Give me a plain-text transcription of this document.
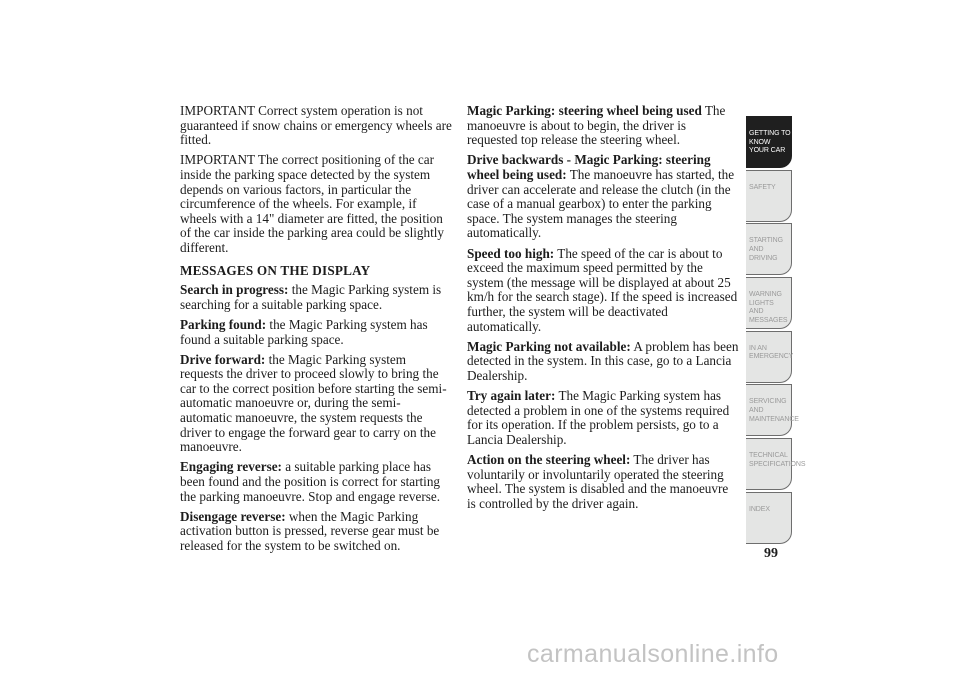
IMPORTANT Correct system operation is not guaranteed if snow chains or emergency wheels are fitted.

IMPORTANT The correct positioning of the car inside the parking space detected by the system depends on various factors, in particular the circumference of the wheels. For example, if wheels with a 14" diameter are fitted, the position of the car inside the parking area could be slightly different.

MESSAGES ON THE DISPLAY

Search in progress: the Magic Parking system is searching for a suitable parking space.

Parking found: the Magic Parking system has found a suitable parking space.

Drive forward: the Magic Parking system requests the driver to proceed slowly to bring the car to the correct position before starting the semi-automatic manoeuvre or, during the semi-automatic manoeuvre, the system requests the driver to engage the forward gear to carry on the manoeuvre.

Engaging reverse: a suitable parking place has been found and the position is correct for starting the parking manoeuvre. Stop and engage reverse.

Disengage reverse: when the Magic Parking activation button is pressed, reverse gear must be released for the system to be switched on.

Magic Parking: steering wheel being used The manoeuvre is about to begin, the driver is requested top release the steering wheel.

Drive backwards - Magic Parking: steering wheel being used: The manoeuvre has started, the driver can accelerate and release the clutch (in the case of a manual gearbox) to enter the parking space. The system manages the steering automatically.

Speed too high: The speed of the car is about to exceed the maximum speed permitted by the system (the message will be displayed at about 25 km/h for the search stage). If the speed is increased further, the system will be deactivated automatically.

Magic Parking not available: A problem has been detected in the system. In this case, go to a Lancia Dealership.

Try again later: The Magic Parking system has detected a problem in one of the systems required for its operation. If the problem persists, go to a Lancia Dealership.

Action on the steering wheel: The driver has voluntarily or involuntarily operated the steering wheel. The system is disabled and the manoeuvre is controlled by the driver again.

GETTING TO
KNOW YOUR CAR
SAFETY
STARTING AND
DRIVING
WARNING LIGHTS
AND MESSAGES
IN AN EMERGENCY
SERVICING AND
MAINTENANCE
TECHNICAL
SPECIFICATIONS
INDEX
99
carmanualsonline.info
